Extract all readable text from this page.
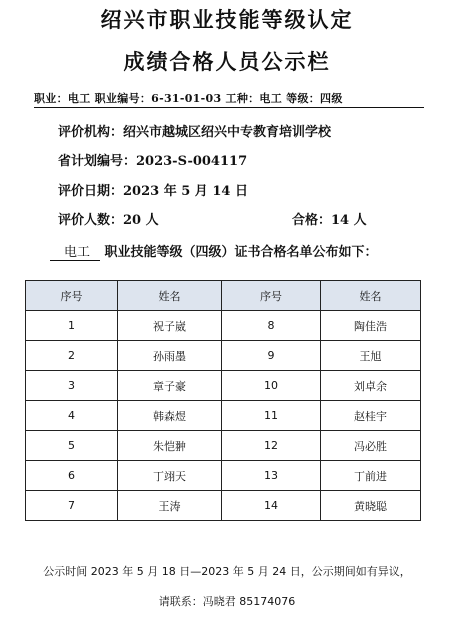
绍兴市职业技能等级认定
成绩合格人员公示栏
职业：电工 职业编号：6-31-01-03 工种：电工 等级：四级
评价机构：绍兴市越城区绍兴中专教育培训学校
省计划编号：2023-S-004117
评价日期：2023 年 5 月 14 日
评价人数：20 人	合格：14 人
电工 职业技能等级（四级）证书合格名单公布如下：
序号	姓名	序号	姓名
1	祝子崴	8	陶佳浩
2	孙雨墨	9	王旭
3	章子豪	10	刘卓余
4	韩森煜	11	赵桂宇
5	朱恺翀	12	冯必胜
6	丁翊天	13	丁前进
7	王涛	14	黄晓聪
公示时间 2023 年 5 月 18 日—2023 年 5 月 24 日，公示期间如有异议，
请联系：冯晓君 85174076
